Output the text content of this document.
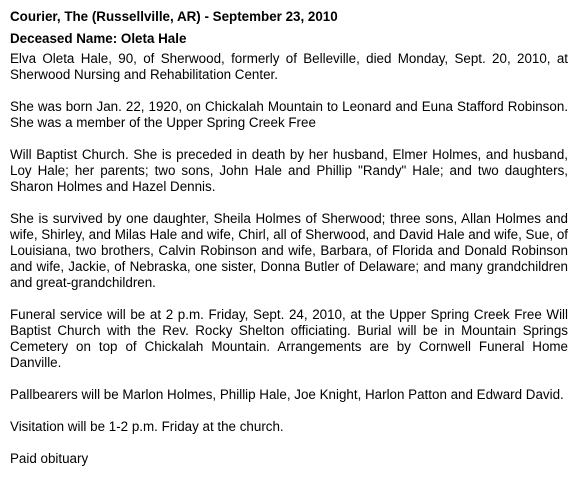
Courier, The (Russellville, AR) - September 23, 2010
Deceased Name: Oleta Hale

Elva Oleta Hale, 90, of Sherwood, formerly of Belleville, died Monday, Sept. 20, 2010, at Sherwood Nursing and Rehabilitation Center.

She was born Jan. 22, 1920, on Chickalah Mountain to Leonard and Euna Stafford Robinson. She was a member of the Upper Spring Creek Free

Will Baptist Church. She is preceded in death by her husband, Elmer Holmes, and husband, Loy Hale; her parents; two sons, John Hale and Phillip "Randy" Hale; and two daughters, Sharon Holmes and Hazel Dennis.

She is survived by one daughter, Sheila Holmes of Sherwood; three sons, Allan Holmes and wife, Shirley, and Milas Hale and wife, Chirl, all of Sherwood, and David Hale and wife, Sue, of Louisiana, two brothers, Calvin Robinson and wife, Barbara, of Florida and Donald Robinson and wife, Jackie, of Nebraska, one sister, Donna Butler of Delaware; and many grandchildren and great-grandchildren.

Funeral service will be at 2 p.m. Friday, Sept. 24, 2010, at the Upper Spring Creek Free Will Baptist Church with the Rev. Rocky Shelton officiating. Burial will be in Mountain Springs Cemetery on top of Chickalah Mountain. Arrangements are by Cornwell Funeral Home Danville.

Pallbearers will be Marlon Holmes, Phillip Hale, Joe Knight, Harlon Patton and Edward David.

Visitation will be 1-2 p.m. Friday at the church.

Paid obituary
